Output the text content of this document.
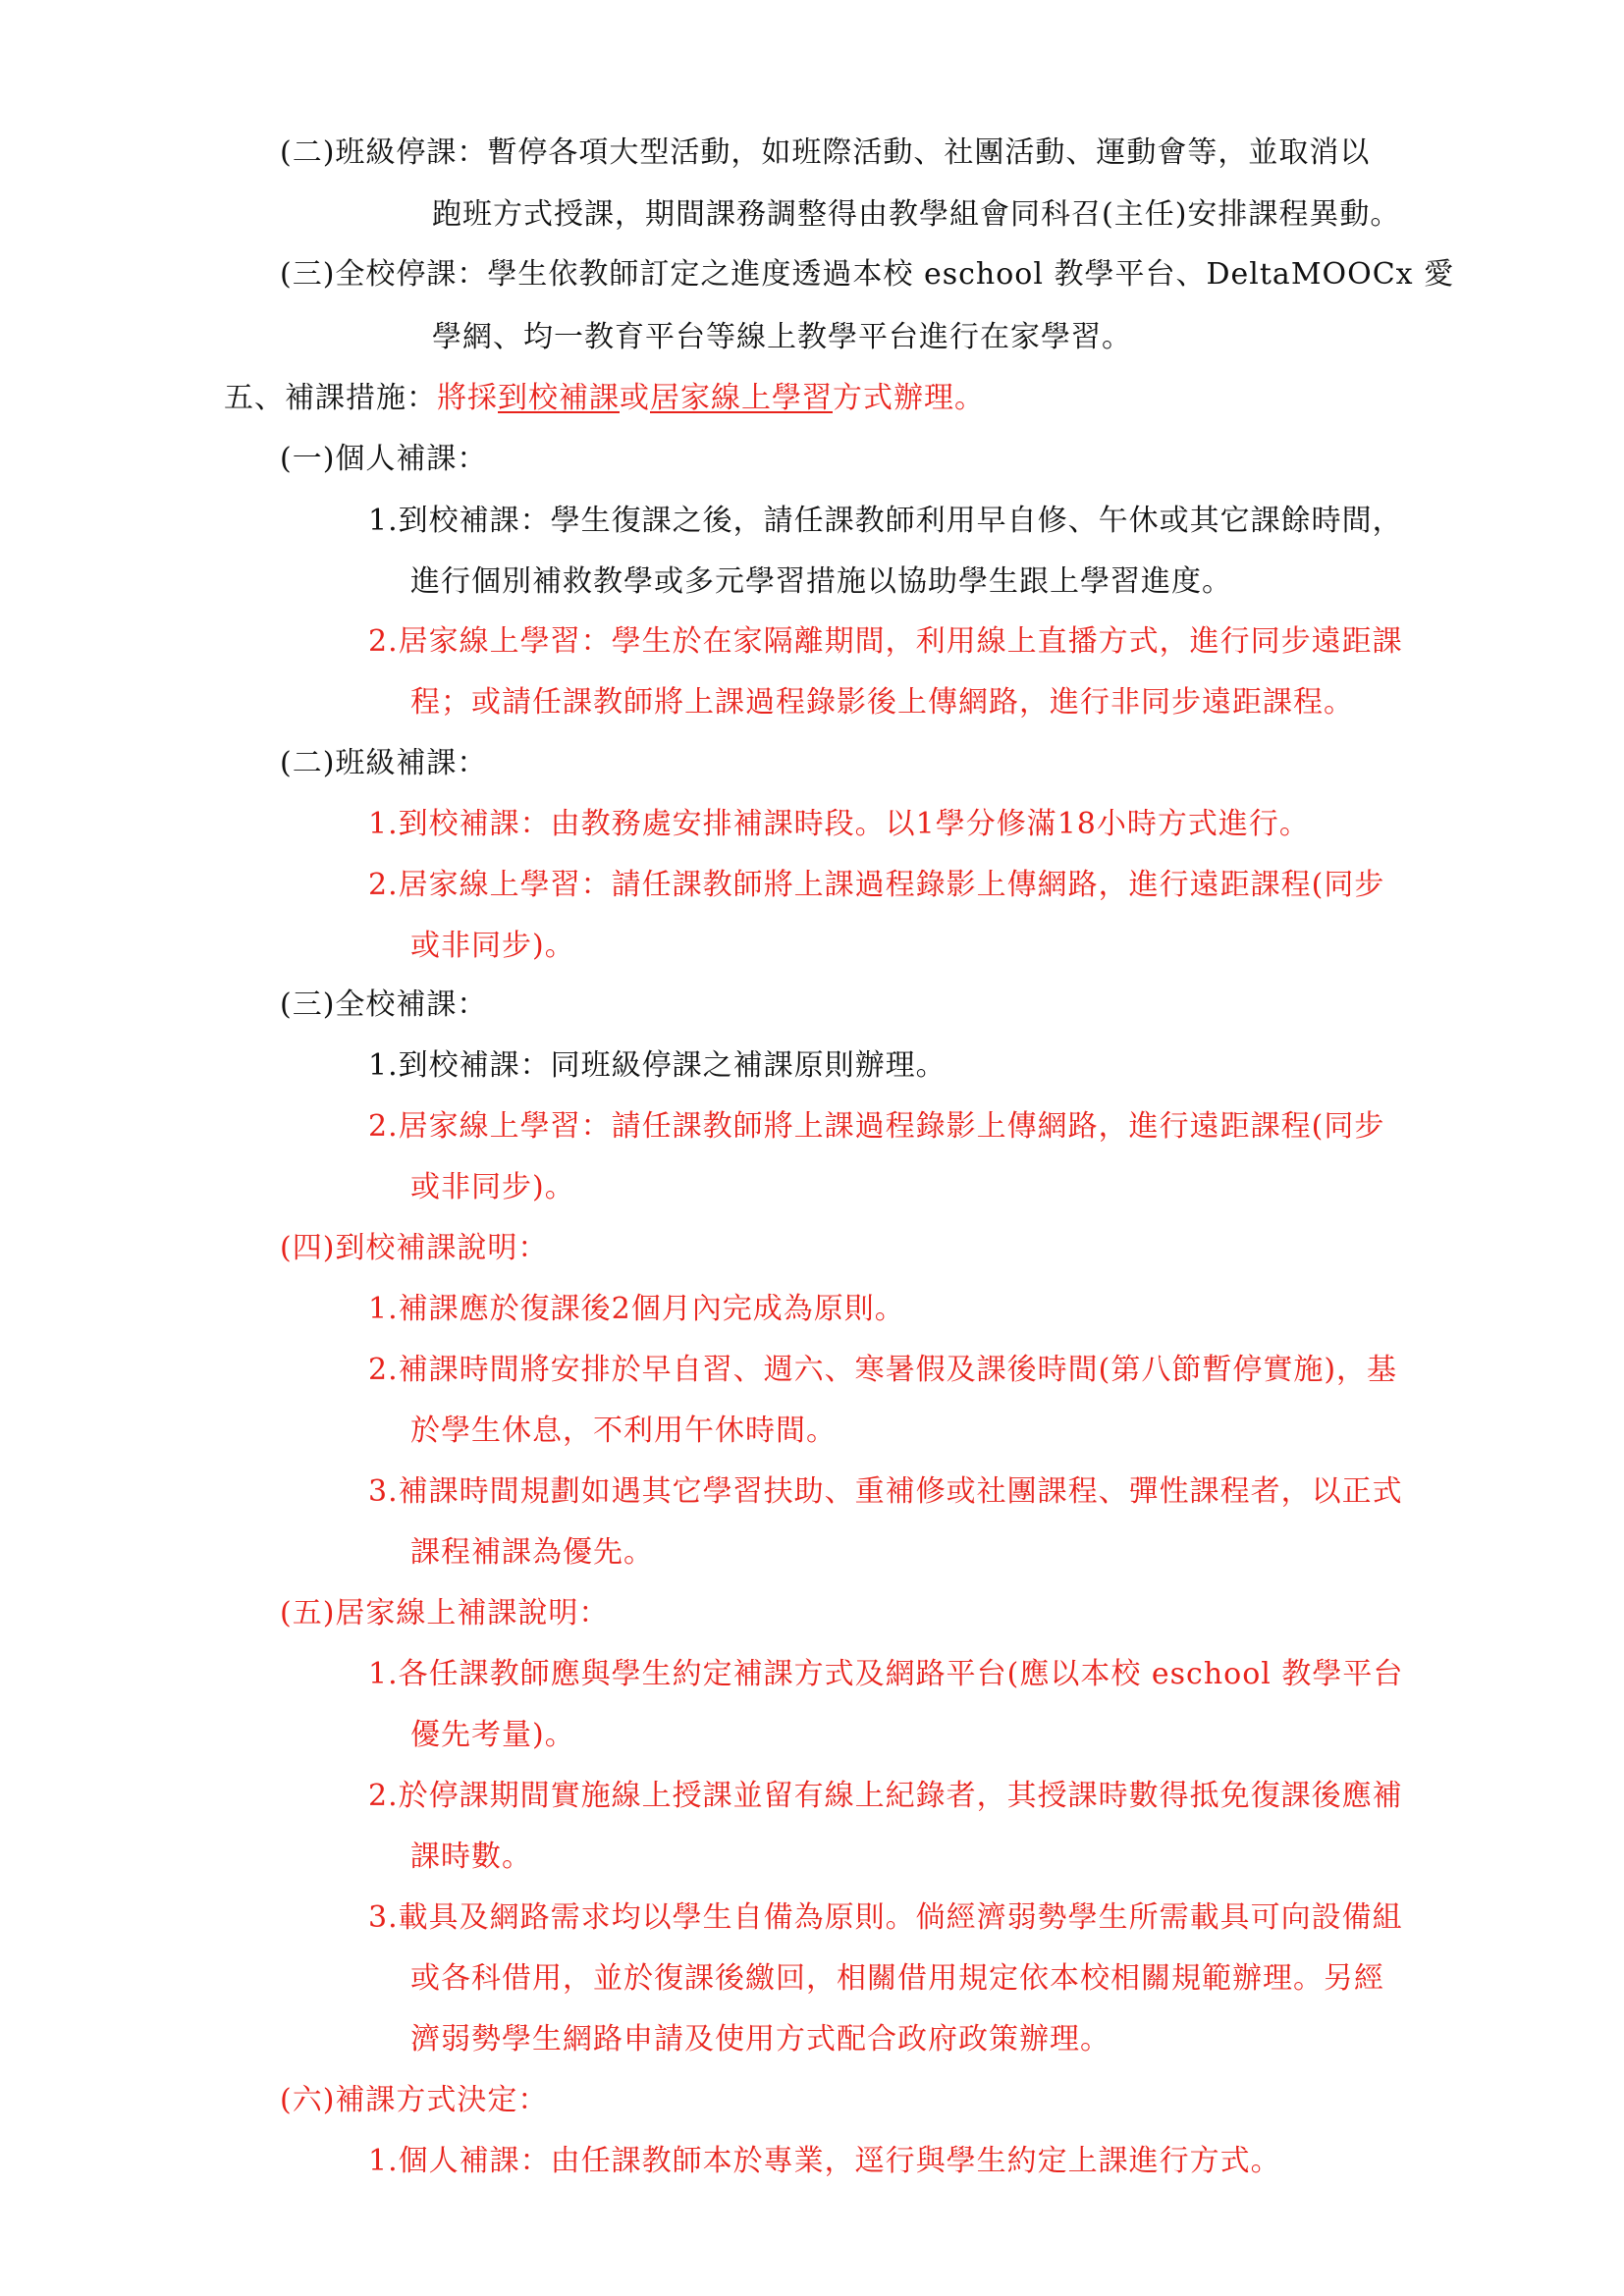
(二)班級停課：暫停各項大型活動，如班際活動、社團活動、運動會等，並取消以
跑班方式授課，期間課務調整得由教學組會同科召(主任)安排課程異動。
(三)全校停課：學生依教師訂定之進度透過本校 eschool 教學平台、DeltaMOOCx 愛
學網、均一教育平台等線上教學平台進行在家學習。
五、補課措施：將採到校補課或居家線上學習方式辦理。
(一)個人補課：
1.到校補課：學生復課之後，請任課教師利用早自修、午休或其它課餘時間，
進行個別補救教學或多元學習措施以協助學生跟上學習進度。
2.居家線上學習：學生於在家隔離期間，利用線上直播方式，進行同步遠距課
程；或請任課教師將上課過程錄影後上傳網路，進行非同步遠距課程。
(二)班級補課：
1.到校補課：由教務處安排補課時段。以1學分修滿18小時方式進行。
2.居家線上學習：請任課教師將上課過程錄影上傳網路，進行遠距課程(同步
或非同步)。
(三)全校補課：
1.到校補課：同班級停課之補課原則辦理。
2.居家線上學習：請任課教師將上課過程錄影上傳網路，進行遠距課程(同步
或非同步)。
(四)到校補課說明：
1.補課應於復課後2個月內完成為原則。
2.補課時間將安排於早自習、週六、寒暑假及課後時間(第八節暫停實施)，基
於學生休息，不利用午休時間。
3.補課時間規劃如遇其它學習扶助、重補修或社團課程、彈性課程者，以正式
課程補課為優先。
(五)居家線上補課說明：
1.各任課教師應與學生約定補課方式及網路平台(應以本校 eschool 教學平台
優先考量)。
2.於停課期間實施線上授課並留有線上紀錄者，其授課時數得抵免復課後應補
課時數。
3.載具及網路需求均以學生自備為原則。倘經濟弱勢學生所需載具可向設備組
或各科借用，並於復課後繳回，相關借用規定依本校相關規範辦理。另經
濟弱勢學生網路申請及使用方式配合政府政策辦理。
(六)補課方式決定：
1.個人補課：由任課教師本於專業，逕行與學生約定上課進行方式。
